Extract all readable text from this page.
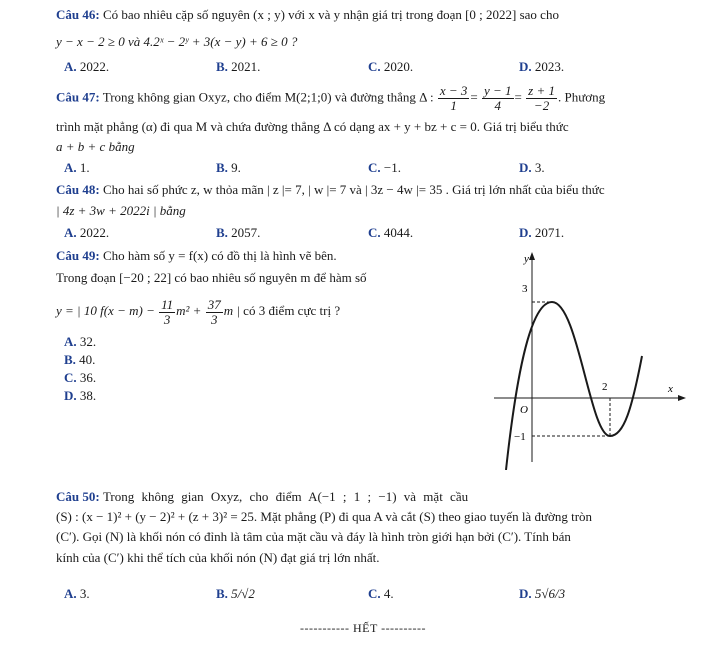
Câu 46: Có bao nhiêu cặp số nguyên (x ; y) với x và y nhận giá trị trong đoạn [0 ; 2022] sao cho
y − x − 2 ≥ 0 và 4.2ˣ − 2ʸ + 3(x − y) + 6 ≥ 0 ?
A. 2022.	B. 2021.	C. 2020.	D. 2023.
Câu 47: Trong không gian Oxyz, cho điểm M(2;1;0) và đường thẳng Δ : $\frac{x - 3}{1} = \frac{y - 1}{4} = \frac{z + 1}{-2}$ . Phương
trình mặt phẳng (α) đi qua M và chứa đường thẳng Δ có dạng ax + y + bz + c = 0. Giá trị biểu thức
a + b + c bằng
A. 1.	B. 9.	C. −1.	D. 3.
Câu 48: Cho hai số phức z, w thỏa mãn | z |= 7, | w |= 7 và | 3z − 4w |= 35 . Giá trị lớn nhất của biểu thức
| 4z + 3w + 2022i | bằng
A. 2022.	B. 2057.	C. 4044.	D. 2071.
Câu 49: Cho hàm số y = f(x) có đồ thị là hình vẽ bên.
Trong đoạn [−20 ; 22] có bao nhiêu số nguyên m để hàm số
y = | 10 $f(x - m) - \frac{11}{3} m^2 + \frac{37}{3}$ m | có 3 điểm cực trị ?
A. 32.
B. 40.
C. 36.
D. 38.
y
x
O
3
−1
2
Câu 50: Trong không gian Oxyz, cho điểm A(−1 ; 1 ; −1) và mặt cầu
(S) : (x − 1)² + (y − 2)² + (z + 3)² = 25. Mặt phẳng (P) đi qua A và cắt (S) theo giao tuyến là đường tròn
(C′). Gọi (N) là khối nón có đỉnh là tâm của mặt cầu và đáy là hình tròn giới hạn bởi (C′). Tính bán
kính của (C′) khi thể tích của khối nón (N) đạt giá trị lớn nhất.
A. 3.	B. 5/√2	C. 4.	D. 5√6/3
----------- HẾT ----------
